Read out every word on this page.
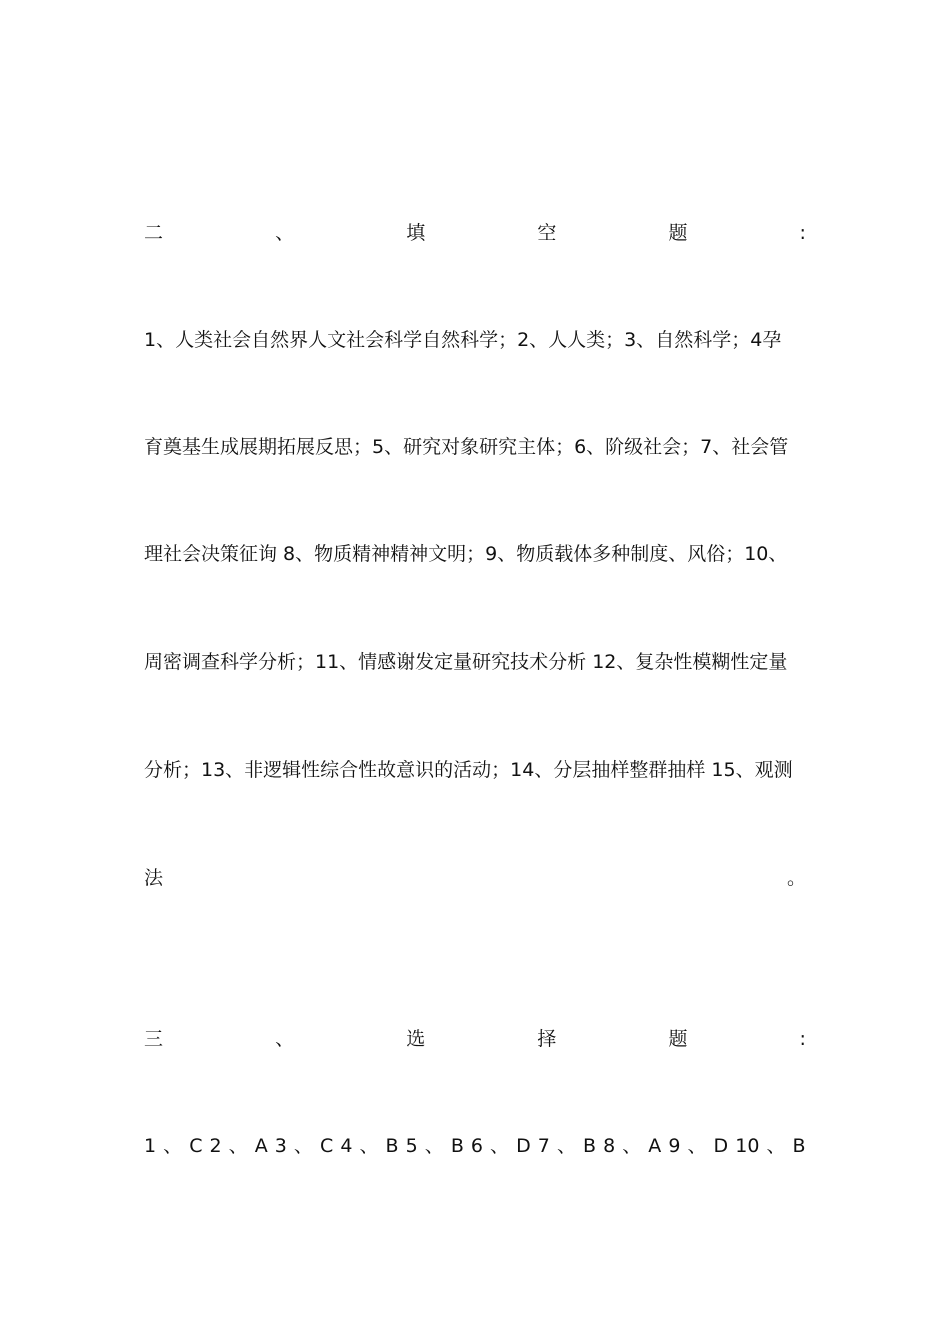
二	、	填	空	题	:
1、人类社会自然界人文社会科学自然科学；2、人人类；3、自然科学；4孕
育奠基生成展期拓展反思；5、研究对象研究主体；6、阶级社会；7、社会管
理社会决策征询 8、物质精神精神文明；9、物质载体多种制度、风俗；10、
周密调查科学分析；11、情感谢发定量研究技术分析 12、复杂性模糊性定量
分析；13、非逻辑性综合性故意识的活动；14、分层抽样整群抽样 15、观测
法	。
三	、	选	择	题	:
1 、 C 2 、 A 3 、 C 4 、 B 5 、 B 6 、 D 7 、 B 8 、 A 9 、 D 10 、 B
